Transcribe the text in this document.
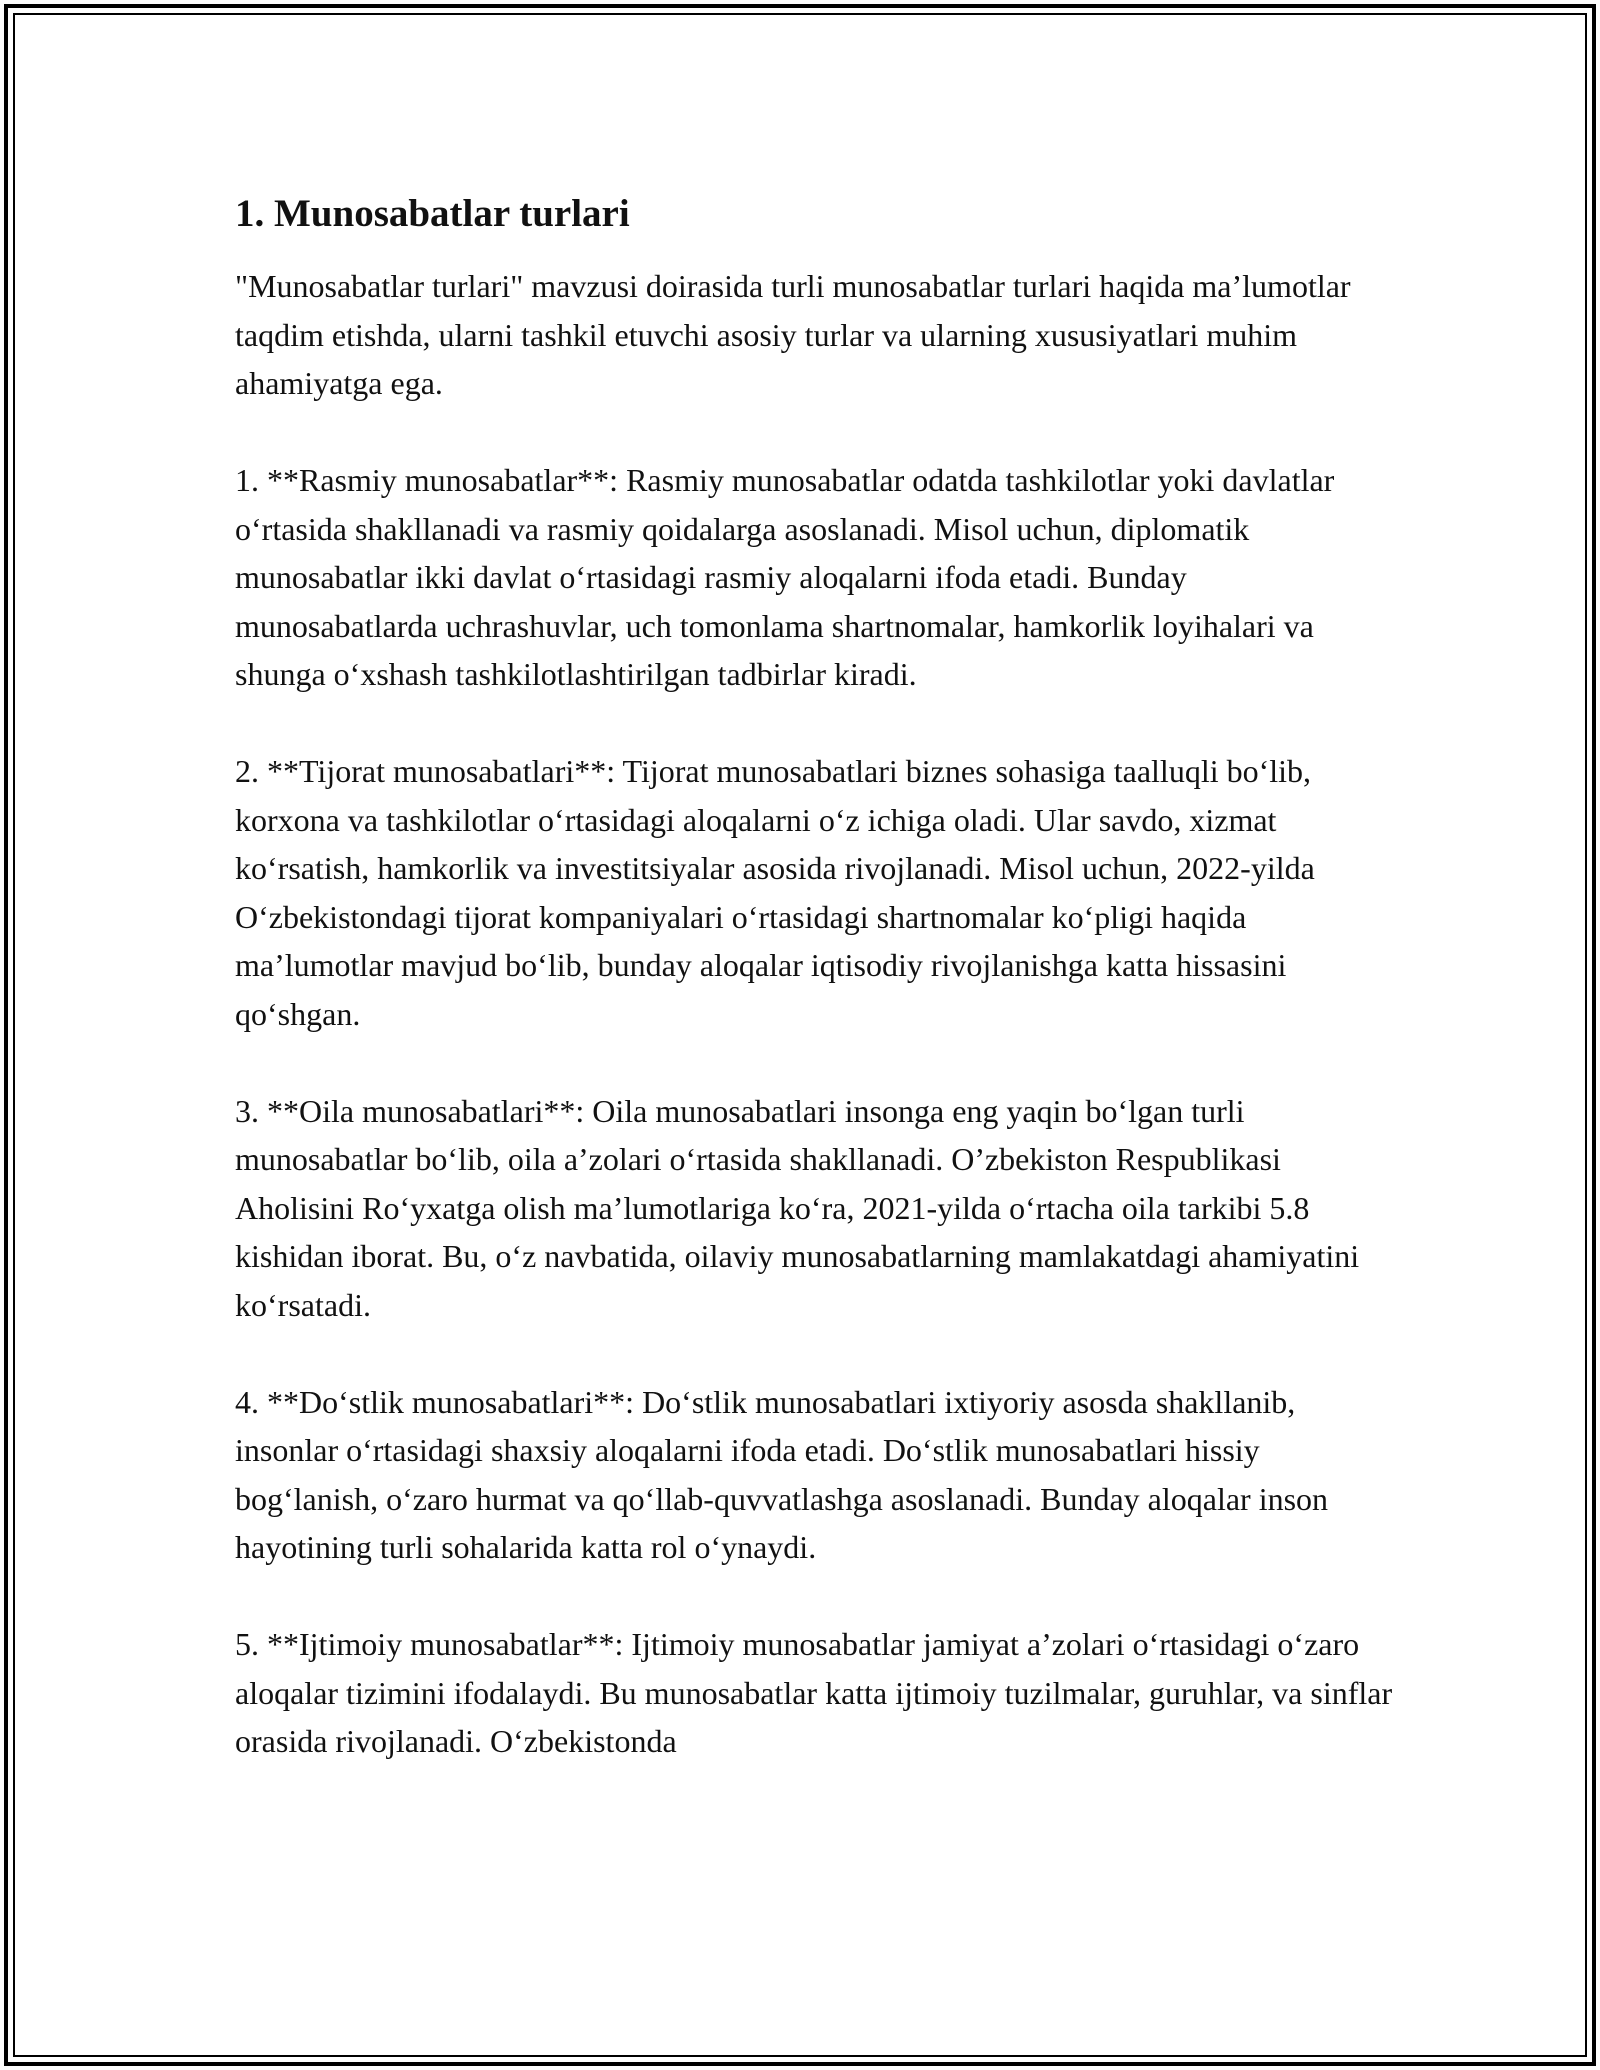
1. Munosabatlar turlari

"Munosabatlar turlari" mavzusi doirasida turli munosabatlar turlari haqida ma’lumotlar taqdim etishda, ularni tashkil etuvchi asosiy turlar va ularning xususiyatlari muhim ahamiyatga ega.

1. **Rasmiy munosabatlar**: Rasmiy munosabatlar odatda tashkilotlar yoki davlatlar o‘rtasida shakllanadi va rasmiy qoidalarga asoslanadi. Misol uchun, diplomatik munosabatlar ikki davlat o‘rtasidagi rasmiy aloqalarni ifoda etadi. Bunday munosabatlarda uchrashuvlar, uch tomonlama shartnomalar, hamkorlik loyihalari va shunga o‘xshash tashkilotlashtirilgan tadbirlar kiradi.

2. **Tijorat munosabatlari**: Tijorat munosabatlari biznes sohasiga taalluqli bo‘lib, korxona va tashkilotlar o‘rtasidagi aloqalarni o‘z ichiga oladi. Ular savdo, xizmat ko‘rsatish, hamkorlik va investitsiyalar asosida rivojlanadi. Misol uchun, 2022-yilda O‘zbekistondagi tijorat kompaniyalari o‘rtasidagi shartnomalar ko‘pligi haqida ma’lumotlar mavjud bo‘lib, bunday aloqalar iqtisodiy rivojlanishga katta hissasini qo‘shgan.

3. **Oila munosabatlari**: Oila munosabatlari insonga eng yaqin bo‘lgan turli munosabatlar bo‘lib, oila a’zolari o‘rtasida shakllanadi. O’zbekiston Respublikasi Aholisini Ro‘yxatga olish ma’lumotlariga ko‘ra, 2021-yilda o‘rtacha oila tarkibi 5.8 kishidan iborat. Bu, o‘z navbatida, oilaviy munosabatlarning mamlakatdagi ahamiyatini ko‘rsatadi.

4. **Do‘stlik munosabatlari**: Do‘stlik munosabatlari ixtiyoriy asosda shakllanib, insonlar o‘rtasidagi shaxsiy aloqalarni ifoda etadi. Do‘stlik munosabatlari hissiy bog‘lanish, o‘zaro hurmat va qo‘llab-quvvatlashga asoslanadi. Bunday aloqalar inson hayotining turli sohalarida katta rol o‘ynaydi.

5. **Ijtimoiy munosabatlar**: Ijtimoiy munosabatlar jamiyat a’zolari o‘rtasidagi o‘zaro aloqalar tizimini ifodalaydi. Bu munosabatlar katta ijtimoiy tuzilmalar, guruhlar, va sinflar orasida rivojlanadi. O‘zbekistonda
